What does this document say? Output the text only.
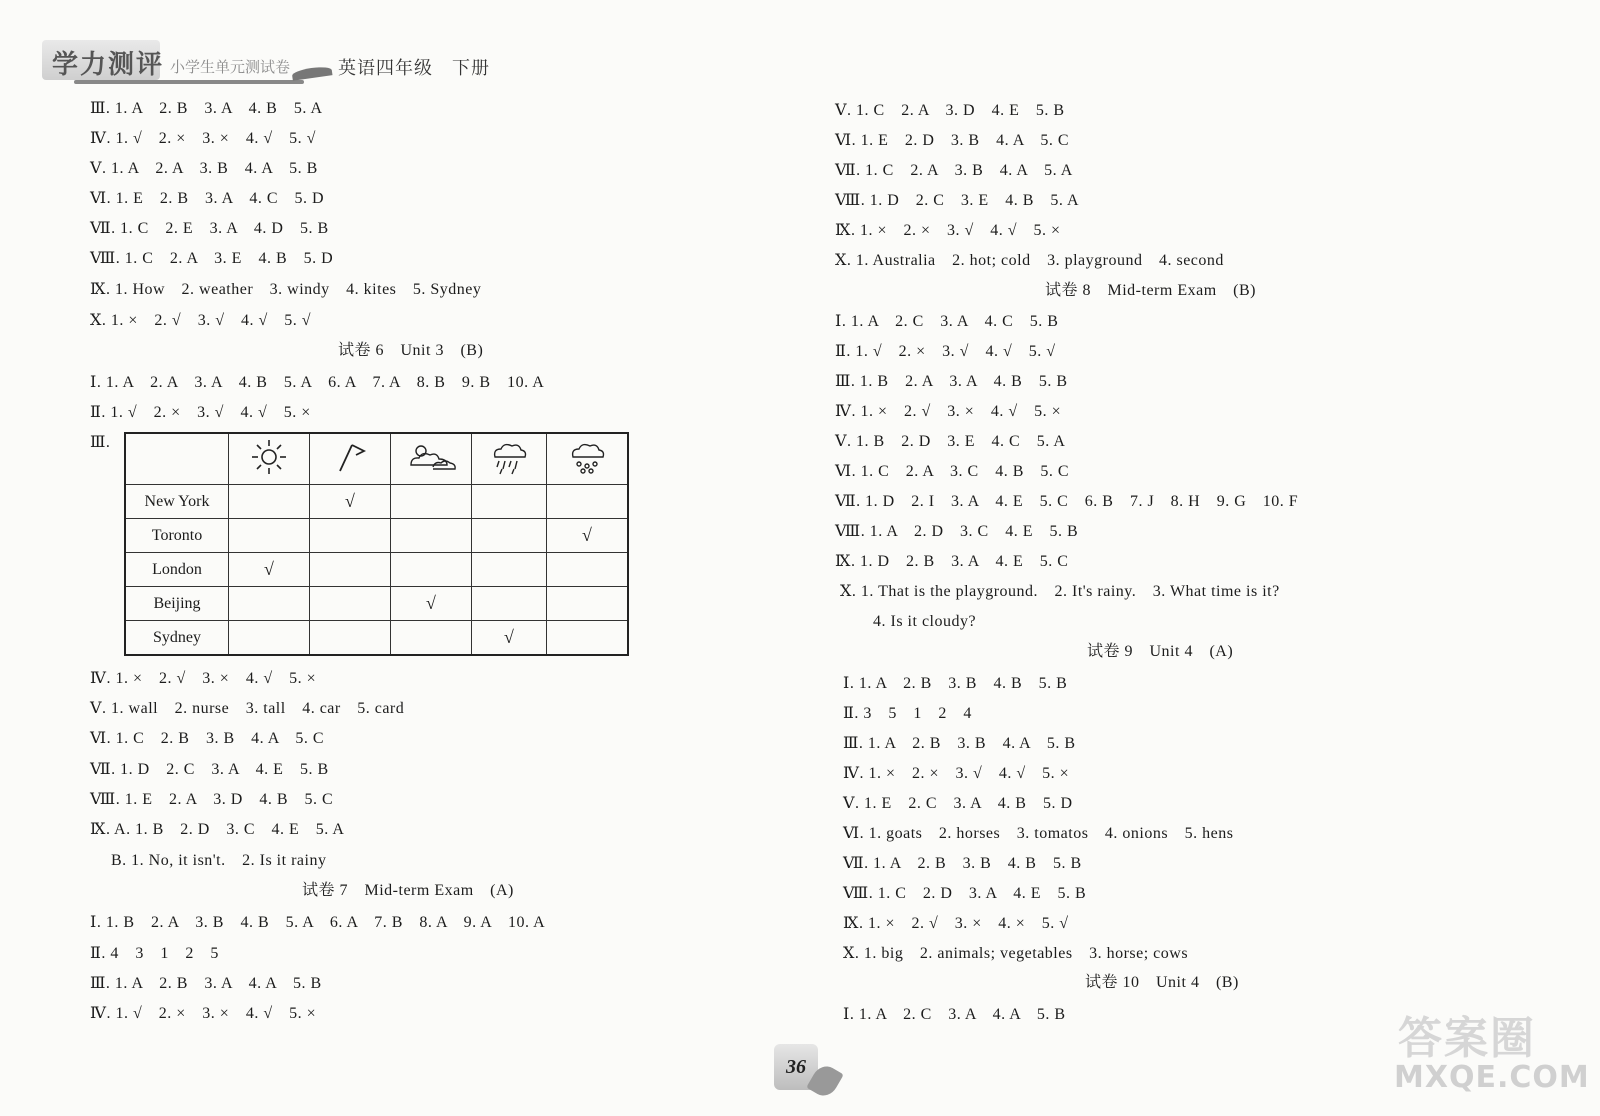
学力测评 小学生单元测试卷	英语四年级　下册
Ⅲ. 1. A　2. B　3. A　4. B　5. A
Ⅳ. 1. √　2. ×　3. ×　4. √　5. √
Ⅴ. 1. A　2. A　3. B　4. A　5. B
Ⅵ. 1. E　2. B　3. A　4. C　5. D
Ⅶ. 1. C　2. E　3. A　4. D　5. B
Ⅷ. 1. C　2. A　3. E　4. B　5. D
Ⅸ. 1. How　2. weather　3. windy　4. kites　5. Sydney
Ⅹ. 1. ×　2. √　3. √　4. √　5. √
试卷 6　Unit 3　(B)
Ⅰ. 1. A　2. A　3. A　4. B　5. A　6. A　7. A　8. B　9. B　10. A
Ⅱ. 1. √　2. ×　3. √　4. √　5. ×
Ⅲ.

New York		√			
Toronto					√
London	√				
Beijing			√		
Sydney				√	
Ⅳ. 1. ×　2. √　3. ×　4. √　5. ×
Ⅴ. 1. wall　2. nurse　3. tall　4. car　5. card
Ⅵ. 1. C　2. B　3. B　4. A　5. C
Ⅶ. 1. D　2. C　3. A　4. E　5. B
Ⅷ. 1. E　2. A　3. D　4. B　5. C
Ⅸ. A. 1. B　2. D　3. C　4. E　5. A
　 B. 1. No, it isn't.　2. Is it rainy
试卷 7　Mid-term Exam　(A)
Ⅰ. 1. B　2. A　3. B　4. B　5. A　6. A　7. B　8. A　9. A　10. A
Ⅱ. 4　3　1　2　5
Ⅲ. 1. A　2. B　3. A　4. A　5. B
Ⅳ. 1. √　2. ×　3. ×　4. √　5. ×
Ⅴ. 1. C　2. A　3. D　4. E　5. B
Ⅵ. 1. E　2. D　3. B　4. A　5. C
Ⅶ. 1. C　2. A　3. B　4. A　5. A
Ⅷ. 1. D　2. C　3. E　4. B　5. A
Ⅸ. 1. ×　2. ×　3. √　4. √　5. ×
Ⅹ. 1. Australia　2. hot; cold　3. playground　4. second
试卷 8　Mid-term Exam　(B)
Ⅰ. 1. A　2. C　3. A　4. C　5. B
Ⅱ. 1. √　2. ×　3. √　4. √　5. √
Ⅲ. 1. B　2. A　3. A　4. B　5. B
Ⅳ. 1. ×　2. √　3. ×　4. √　5. ×
Ⅴ. 1. B　2. D　3. E　4. C　5. A
Ⅵ. 1. C　2. A　3. C　4. B　5. C
Ⅶ. 1. D　2. I　3. A　4. E　5. C　6. B　7. J　8. H　9. G　10. F
Ⅷ. 1. A　2. D　3. C　4. E　5. B
Ⅸ. 1. D　2. B　3. A　4. E　5. C
Ⅹ. 1. That is the playground.　2. It's rainy.　3. What time is it?
　　4. Is it cloudy?
试卷 9　Unit 4　(A)
Ⅰ. 1. A　2. B　3. B　4. B　5. B
Ⅱ. 3　5　1　2　4
Ⅲ. 1. A　2. B　3. B　4. A　5. B
Ⅳ. 1. ×　2. ×　3. √　4. √　5. ×
Ⅴ. 1. E　2. C　3. A　4. B　5. D
Ⅵ. 1. goats　2. horses　3. tomatos　4. onions　5. hens
Ⅶ. 1. A　2. B　3. B　4. B　5. B
Ⅷ. 1. C　2. D　3. A　4. E　5. B
Ⅸ. 1. ×　2. √　3. ×　4. ×　5. √
Ⅹ. 1. big　2. animals; vegetables　3. horse; cows
试卷 10　Unit 4　(B)
Ⅰ. 1. A　2. C　3. A　4. A　5. B
36
答案圈
MXQE.COM
